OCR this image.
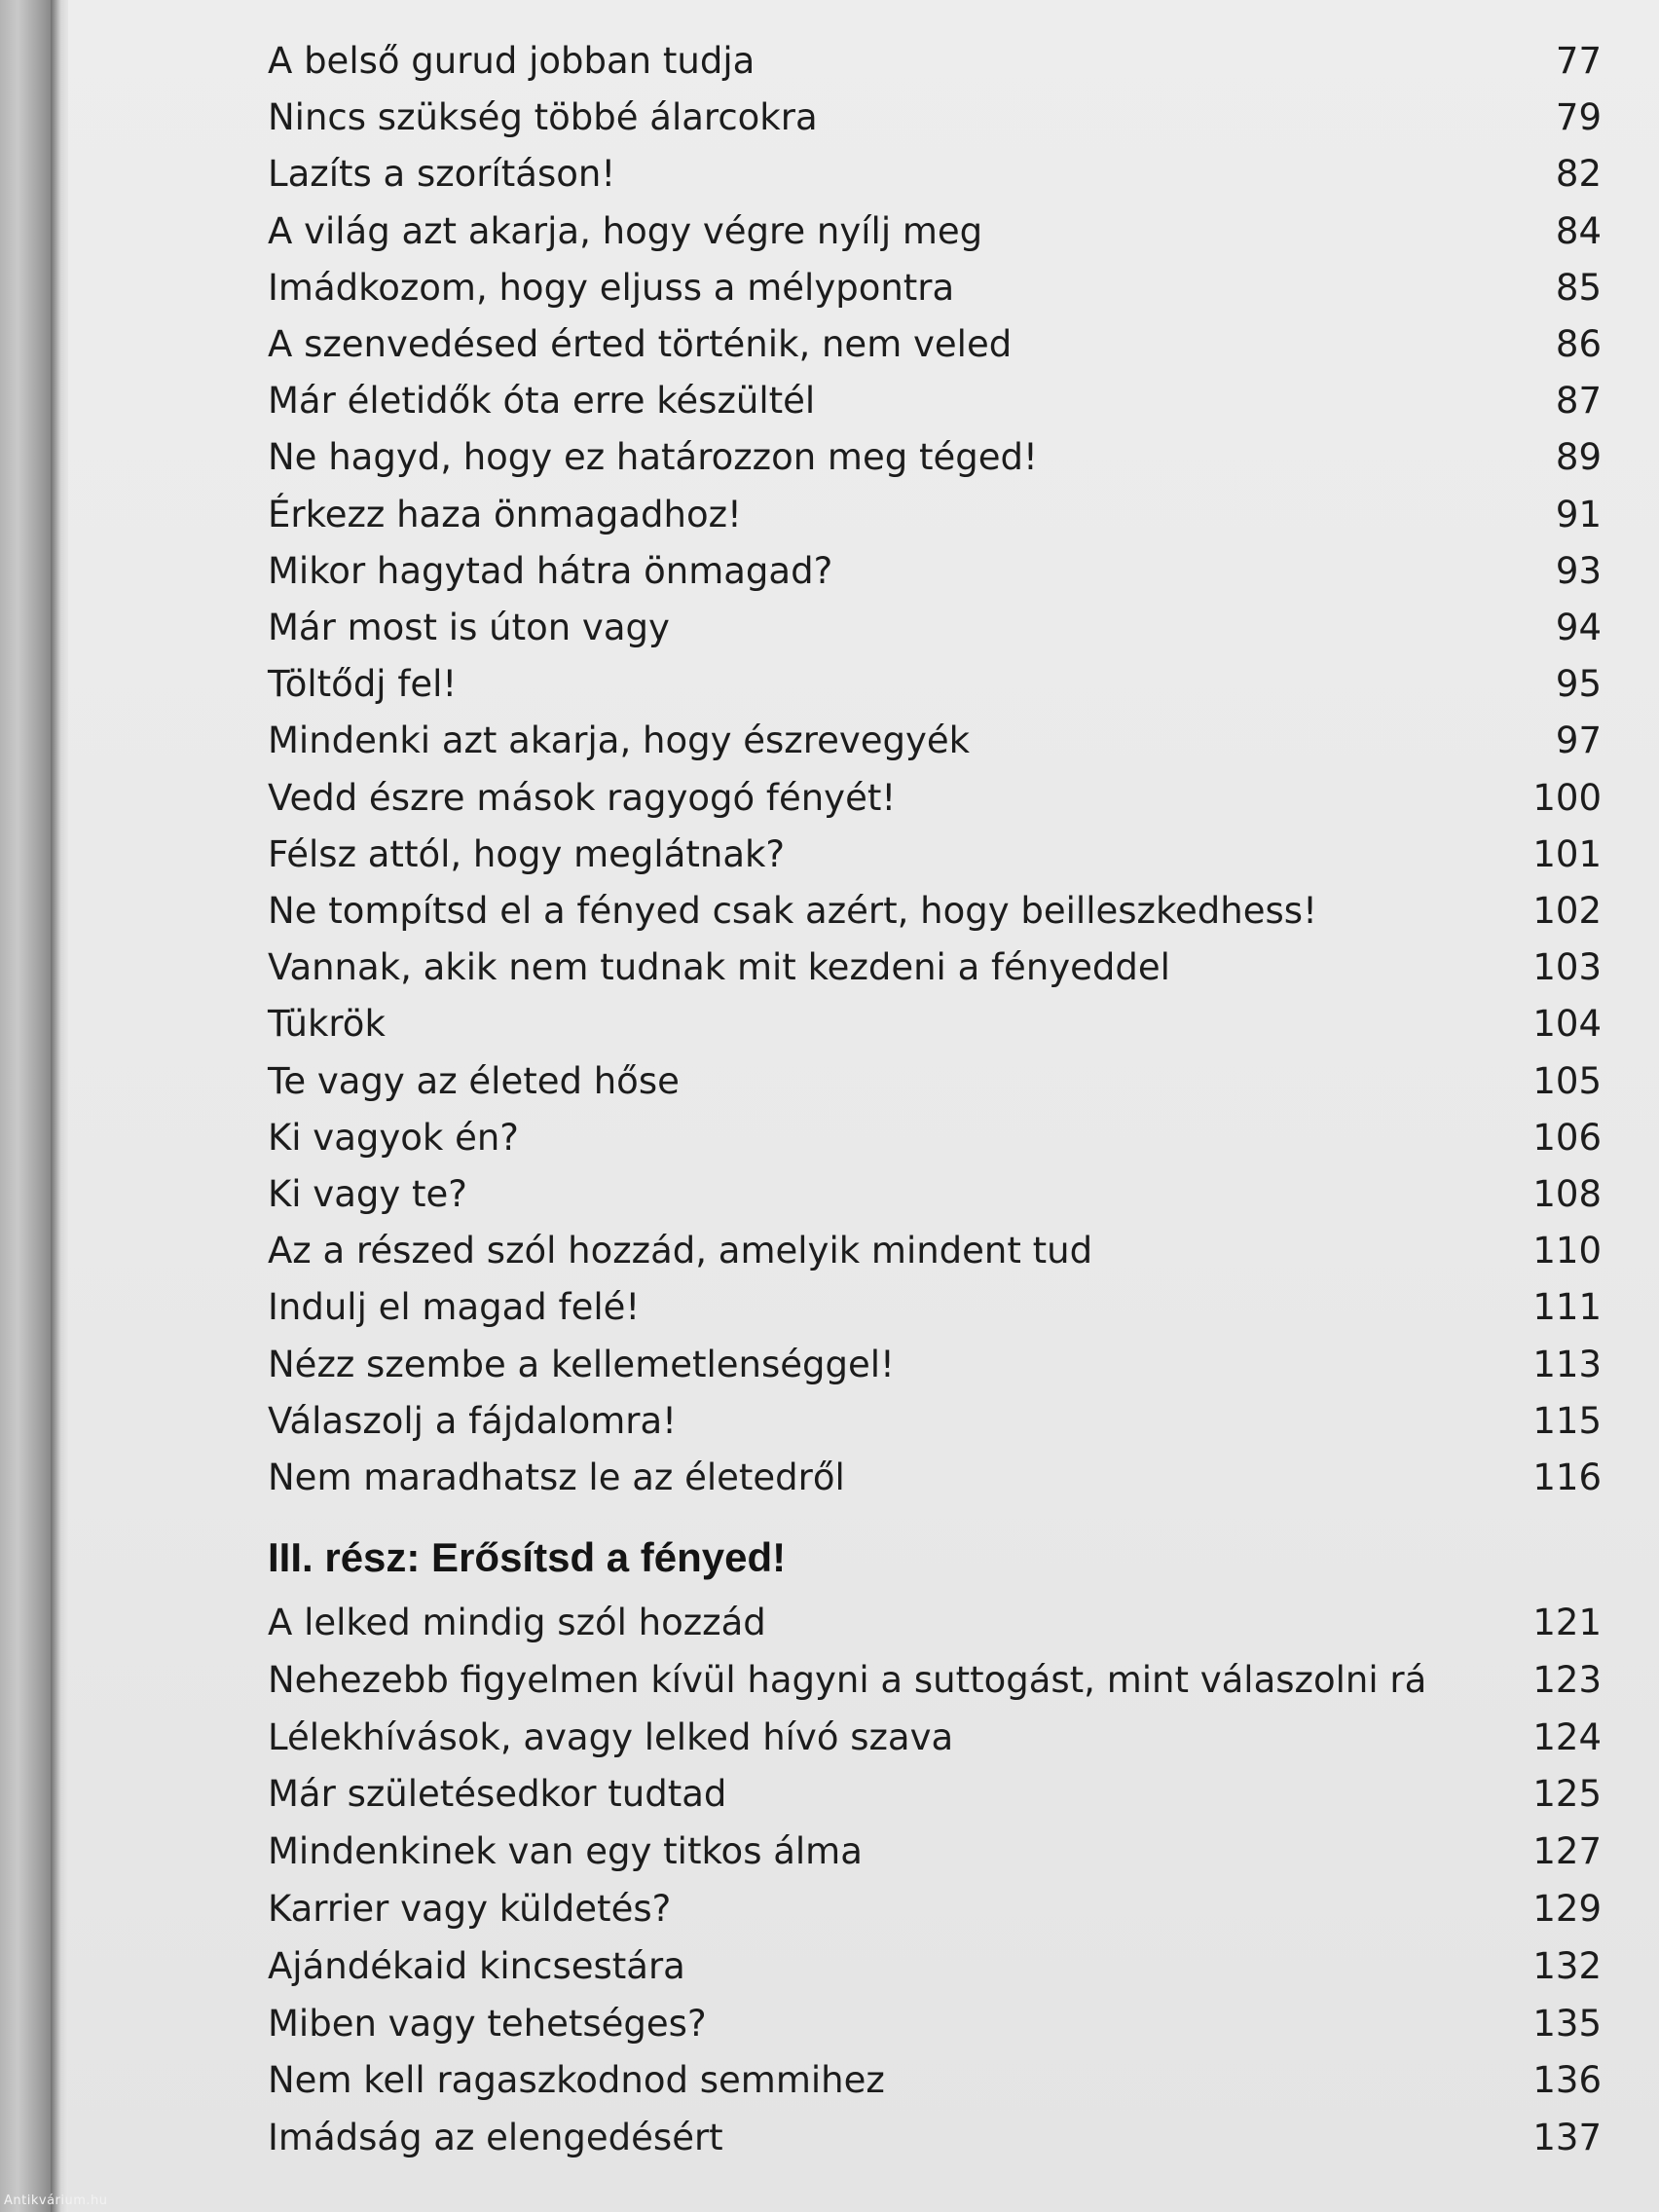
A belső gurud jobban tudja	77
Nincs szükség többé álarcokra	79
Lazíts a szorításon!	82
A világ azt akarja, hogy végre nyílj meg	84
Imádkozom, hogy eljuss a mélypontra	85
A szenvedésed érted történik, nem veled	86
Már életidők óta erre készültél	87
Ne hagyd, hogy ez határozzon meg téged!	89
Érkezz haza önmagadhoz!	91
Mikor hagytad hátra önmagad?	93
Már most is úton vagy	94
Töltődj fel!	95
Mindenki azt akarja, hogy észrevegyék	97
Vedd észre mások ragyogó fényét!	100
Félsz attól, hogy meglátnak?	101
Ne tompítsd el a fényed csak azért, hogy beilleszkedhess!	102
Vannak, akik nem tudnak mit kezdeni a fényeddel	103
Tükrök	104
Te vagy az életed hőse	105
Ki vagyok én?	106
Ki vagy te?	108
Az a részed szól hozzád, amelyik mindent tud	110
Indulj el magad felé!	111
Nézz szembe a kellemetlenséggel!	113
Válaszolj a fájdalomra!	115
Nem maradhatsz le az életedről	116
III. rész: Erősítsd a fényed!
A lelked mindig szól hozzád	121
Nehezebb figyelmen kívül hagyni a suttogást, mint válaszolni rá	123
Lélekhívások, avagy lelked hívó szava	124
Már születésedkor tudtad	125
Mindenkinek van egy titkos álma	127
Karrier vagy küldetés?	129
Ajándékaid kincsestára	132
Miben vagy tehetséges?	135
Nem kell ragaszkodnod semmihez	136
Imádság az elengedésért	137
Antikvárium.hu
